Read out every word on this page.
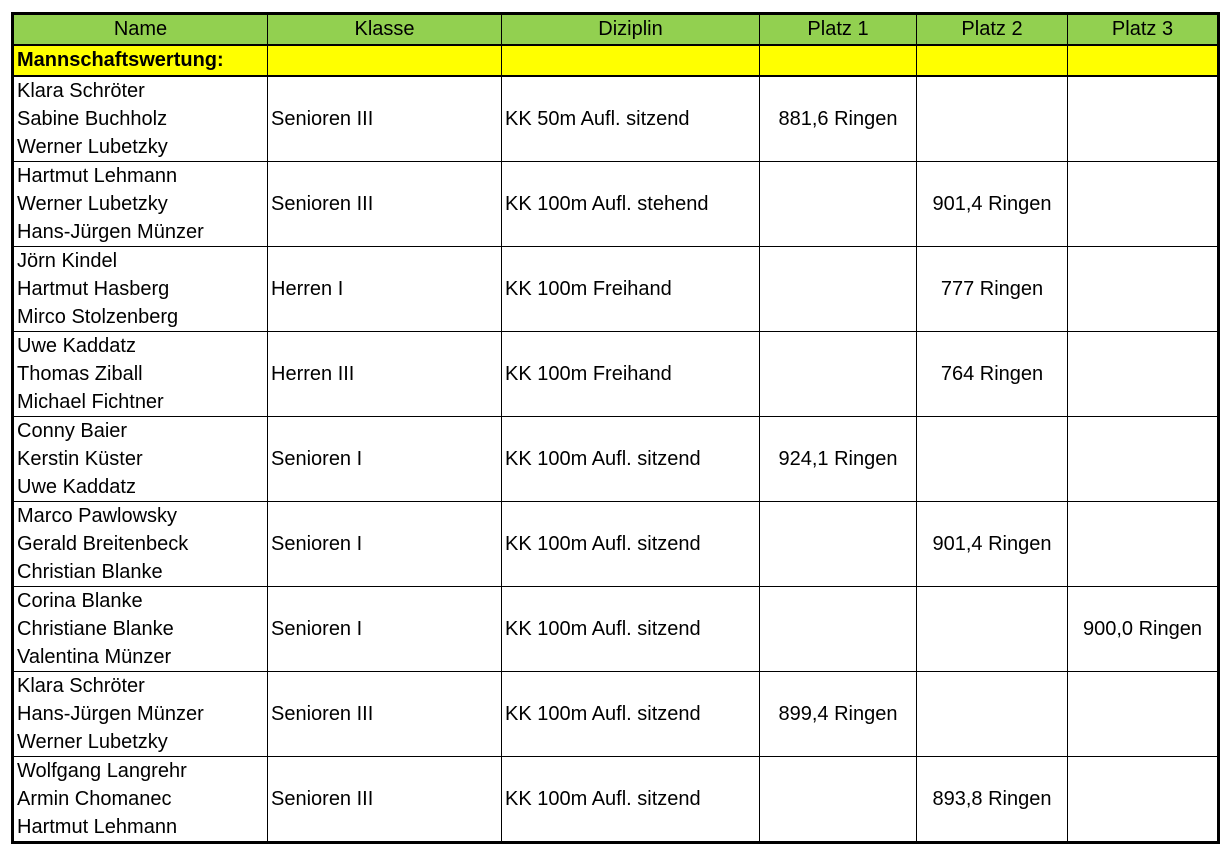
Name	Klasse	Diziplin	Platz 1	Platz 2	Platz 3
Mannschaftswertung:					

Klara Schröter
Sabine Buchholz
Werner Lubetzky	Senioren III	KK 50m Aufl. sitzend	881,6 Ringen		

Hartmut Lehmann
Werner Lubetzky
Hans-Jürgen Münzer	Senioren III	KK 100m Aufl. stehend		901,4 Ringen	

Jörn Kindel
Hartmut Hasberg
Mirco Stolzenberg	Herren I	KK 100m Freihand		777 Ringen	

Uwe Kaddatz
Thomas Ziball
Michael Fichtner	Herren III	KK 100m Freihand		764 Ringen	

Conny Baier
Kerstin Küster
Uwe Kaddatz	Senioren I	KK 100m Aufl. sitzend	924,1 Ringen		

Marco Pawlowsky
Gerald Breitenbeck
Christian Blanke	Senioren I	KK 100m Aufl. sitzend		901,4 Ringen	

Corina Blanke
Christiane Blanke
Valentina Münzer	Senioren I	KK 100m Aufl. sitzend			900,0 Ringen

Klara Schröter
Hans-Jürgen Münzer
Werner Lubetzky	Senioren III	KK 100m Aufl. sitzend	899,4 Ringen		

Wolfgang Langrehr
Armin Chomanec
Hartmut Lehmann	Senioren III	KK 100m Aufl. sitzend		893,8 Ringen	
